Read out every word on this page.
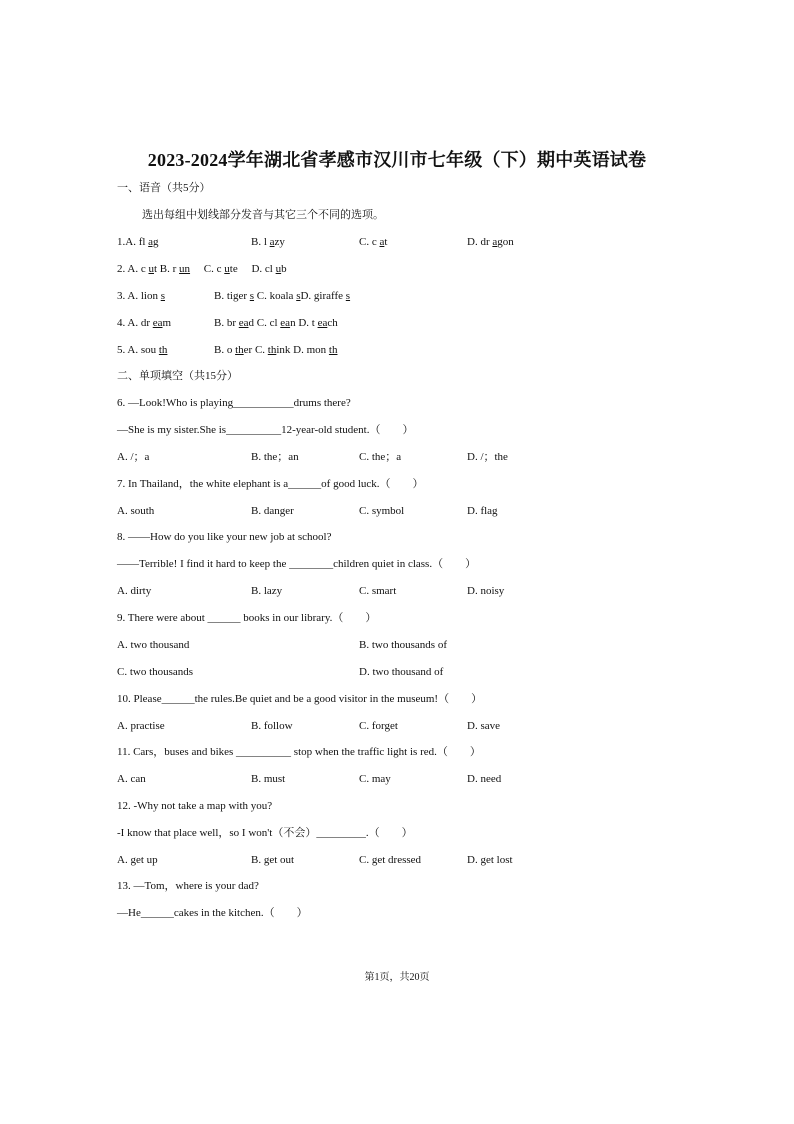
2023-2024学年湖北省孝感市汉川市七年级（下）期中英语试卷
一、语音（共5分）
选出每组中划线部分发音与其它三个不同的选项。
1.A. fl ag	B. l azy	C. c at	D. dr agon
2. A. c ut B. r un C. c ute D. cl ub
3. A. lion s	B. tiger s C. koala sD. giraffe s
4. A. dr eam	B. br ead C. cl ean D. t each
5. A. sou th	B. o ther C. think D. mon th
二、单项填空（共15分）
6. —Look!Who is playing___________drums there?
—She is my sister.She is__________12-year-old student.（　　）
A. /；a	B. the；an	C. the；a	D. /；the
7. In Thailand，the white elephant is a______of good luck.（　　）
A. south	B. danger	C. symbol	D. flag
8. ——How do you like your new job at school?
——Terrible! I find it hard to keep the ________children quiet in class.（　　）
A. dirty	B. lazy	C. smart	D. noisy
9. There were about ______ books in our library.（　　）
A. two thousand	B. two thousands of
C. two thousands	D. two thousand of
10. Please______the rules.Be quiet and be a good visitor in the museum!（　　）
A. practise	B. follow	C. forget	D. save
11. Cars，buses and bikes __________ stop when the traffic light is red.（　　）
A. can	B. must	C. may	D. need
12. -Why not take a map with you?
-I know that place well，so I won't（不会）_________.（　　）
A. get up	B. get out	C. get dressed	D. get lost
13. —Tom，where is your dad?
—He______cakes in the kitchen.（　　）
第1页，共20页
